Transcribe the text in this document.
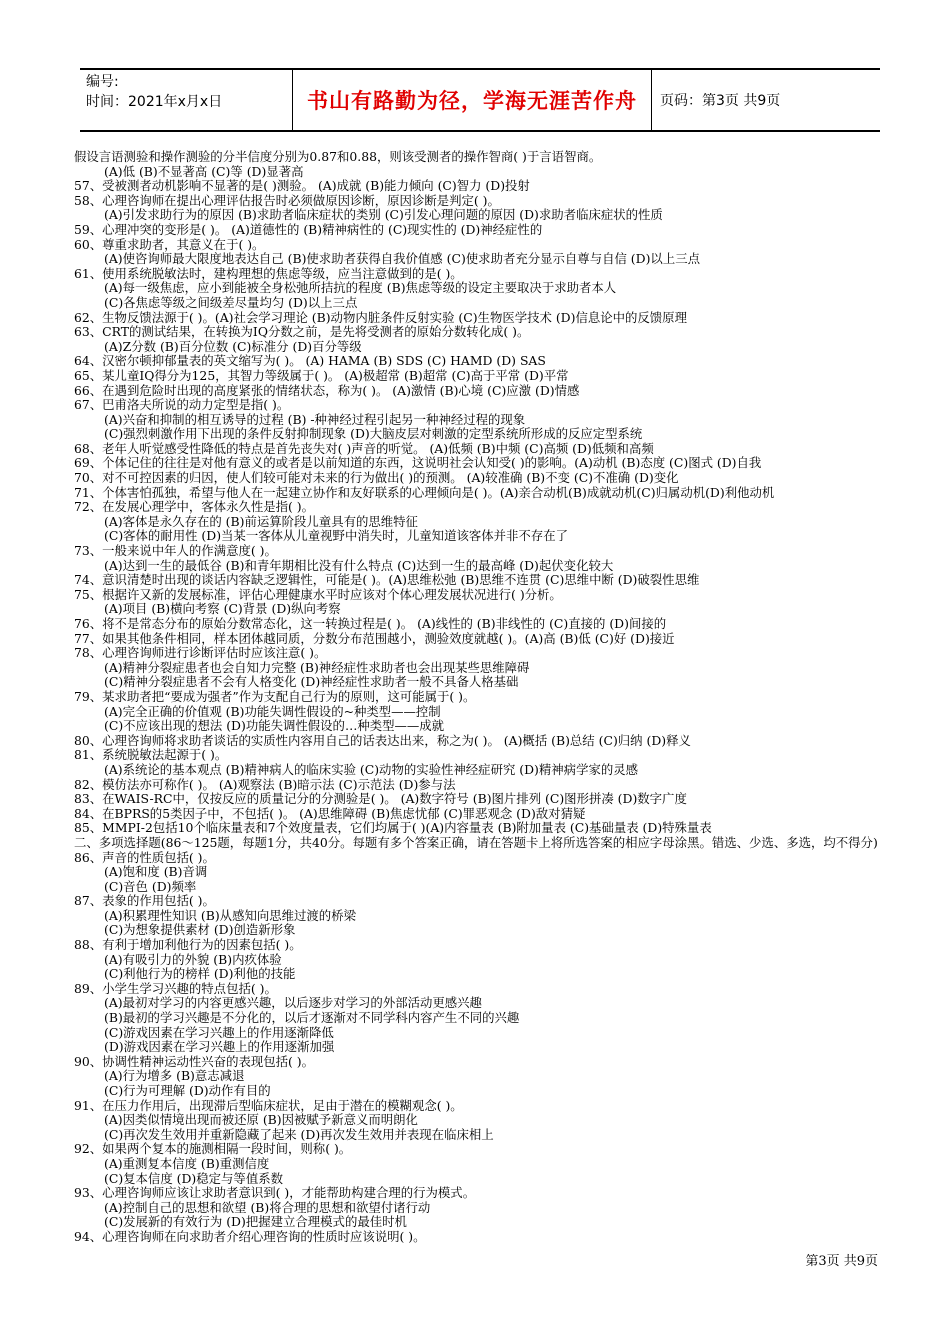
编号:
时间：2021年x月x日	书山有路勤为径，学海无涯苦作舟	页码：第3页 共9页
假设言语测验和操作测验的分半信度分别为0.87和0.88，则该受测者的操作智商( )于言语智商。
(A)低 (B)不显著高 (C)等 (D)显著高
57、受被测者动机影响不显著的是( )测验。 (A)成就 (B)能力倾向 (C)智力 (D)投射
58、心理咨询师在提出心理评估报告时必须做原因诊断，原因诊断是判定( )。
(A)引发求助行为的原因 (B)求助者临床症状的类别 (C)引发心理问题的原因 (D)求助者临床症状的性质
59、心理冲突的变形是( )。 (A)道德性的 (B)精神病性的 (C)现实性的 (D)神经症性的
60、尊重求助者，其意义在于( )。
(A)使咨询师最大限度地表达自己 (B)使求助者获得自我价值感 (C)使求助者充分显示自尊与自信 (D)以上三点
61、使用系统脱敏法时，建构理想的焦虑等级，应当注意做到的是( )。
(A)每一级焦虑，应小到能被全身松弛所拮抗的程度 (B)焦虑等级的设定主要取决于求助者本人
(C)各焦虑等级之间级差尽量均匀 (D)以上三点
62、生物反馈法源于( )。(A)社会学习理论 (B)动物内脏条件反射实验 (C)生物医学技术 (D)信息论中的反馈原理
63、CRT的测试结果，在转换为IQ分数之前，是先将受测者的原始分数转化成( )。
(A)Z分数 (B)百分位数 (C)标准分 (D)百分等级
64、汉密尔顿抑郁量表的英文缩写为( )。 (A) HAMA (B) SDS (C) HAMD (D) SAS
65、某儿童IQ得分为125，其智力等级属于( )。 (A)极超常 (B)超常 (C)高于平常 (D)平常
66、在遇到危险时出现的高度紧张的情绪状态，称为( )。 (A)激情 (B)心境 (C)应激 (D)情感
67、巴甫洛夫所说的动力定型是指( )。
(A)兴奋和抑制的相互诱导的过程 (B) -种神经过程引起另一种神经过程的现象
(C)强烈刺激作用下出现的条件反射抑制现象 (D)大脑皮层对刺激的定型系统所形成的反应定型系统
68、老年人听觉感受性降低的特点是首先丧失对( )声音的听觉。 (A)低频 (B)中频 (C)高频 (D)低频和高频
69、个体记住的往往是对他有意义的或者是以前知道的东西，这说明社会认知受( )的影响。(A)动机 (B)态度 (C)图式 (D)自我
70、对不可控因素的归因，使人们较可能对未来的行为做出( )的预测。 (A)较准确 (B)不变 (C)不准确 (D)变化
71、个体害怕孤独，希望与他人在一起建立协作和友好联系的心理倾向是( )。(A)亲合动机(B)成就动机(C)归属动机(D)利他动机
72、在发展心理学中，客体永久性是指( )。
(A)客体是永久存在的 (B)前运算阶段儿童具有的思维特征
(C)客体的耐用性 (D)当某一客体从儿童视野中消失时，儿童知道该客体并非不存在了
73、一般来说中年人的作满意度( )。
(A)达到一生的最低谷 (B)和青年期相比没有什么特点 (C)达到一生的最高峰 (D)起伏变化较大
74、意识清楚时出现的谈话内容缺乏逻辑性，可能是( )。(A)思维松弛 (B)思维不连贯 (C)思维中断 (D)破裂性思维
75、根据许又新的发展标准，评估心理健康水平时应该对个体心理发展状况进行( )分析。
(A)项目 (B)横向考察 (C)背景 (D)纵向考察
76、将不是常态分布的原始分数常态化，这一转换过程是( )。 (A)线性的 (B)非线性的 (C)直接的 (D)间接的
77、如果其他条件相同，样本团体越同质，分数分布范围越小，测验效度就越( )。(A)高 (B)低 (C)好 (D)接近
78、心理咨询师进行诊断评估时应该注意( )。
(A)精神分裂症患者也会自知力完整 (B)神经症性求助者也会出现某些思维障碍
(C)精神分裂症患者不会有人格变化 (D)神经症性求助者一般不具备人格基础
79、某求助者把“要成为强者”作为支配自己行为的原则，这可能属于( )。
(A)完全正确的价值观 (B)功能失调性假设的~种类型——控制
(C)不应该出现的想法 (D)功能失调性假设的…种类型——成就
80、心理咨询师将求助者谈话的实质性内容用自己的话表达出来，称之为( )。 (A)概括 (B)总结 (C)归纳 (D)释义
81、系统脱敏法起源于( )。
(A)系统论的基本观点 (B)精神病人的临床实验 (C)动物的实验性神经症研究 (D)精神病学家的灵感
82、模仿法亦可称作( )。 (A)观察法 (B)暗示法 (C)示范法 (D)参与法
83、在WAIS-RC中，仅按反应的质量记分的分测验是( )。 (A)数字符号 (B)图片排列 (C)图形拼凑 (D)数字广度
84、在BPRS的5类因子中，不包括( )。 (A)思维障碍 (B)焦虑忧郁 (C)罪恶观念 (D)敌对猜疑
85、MMPI-2包括10个临床量表和7个效度量表，它们均属于( )(A)内容量表 (B)附加量表 (C)基础量表 (D)特殊量表
二、多项选择题(86～125题，每题1分，共40分。每题有多个答案正确，请在答题卡上将所选答案的相应字母涂黑。错选、少选、多选，均不得分)
86、声音的性质包括( )。
(A)饱和度 (B)音调
(C)音色 (D)频率
87、表象的作用包括( )。
(A)积累理性知识 (B)从感知向思维过渡的桥梁
(C)为想象提供素材 (D)创造新形象
88、有利于增加利他行为的因素包括( )。
(A)有吸引力的外貌 (B)内疚体验
(C)利他行为的榜样 (D)利他的技能
89、小学生学习兴趣的特点包括( )。
(A)最初对学习的内容更感兴趣，以后逐步对学习的外部活动更感兴趣
(B)最初的学习兴趣是不分化的，以后才逐渐对不同学科内容产生不同的兴趣
(C)游戏因素在学习兴趣上的作用逐渐降低
(D)游戏因素在学习兴趣上的作用逐渐加强
90、协调性精神运动性兴奋的表现包括( )。
(A)行为增多 (B)意志减退
(C)行为可理解 (D)动作有目的
91、在压力作用后，出现滞后型临床症状，足由于潜在的模糊观念( )。
(A)因类似情境出现而被还原 (B)因被赋予新意义而明朗化
(C)再次发生效用并重新隐藏了起来 (D)再次发生效用并表现在临床相上
92、如果两个复本的施测相隔一段时间，则称( )。
(A)重测复本信度 (B)重测信度
(C)复本信度 (D)稳定与等值系数
93、心理咨询师应该让求助者意识到( )，才能帮助构建合理的行为模式。
(A)控制自己的思想和欲望 (B)将合理的思想和欲望付诸行动
(C)发展新的有效行为 (D)把握建立合理模式的最佳时机
94、心理咨询师在向求助者介绍心理咨询的性质时应该说明( )。
第3页 共9页
